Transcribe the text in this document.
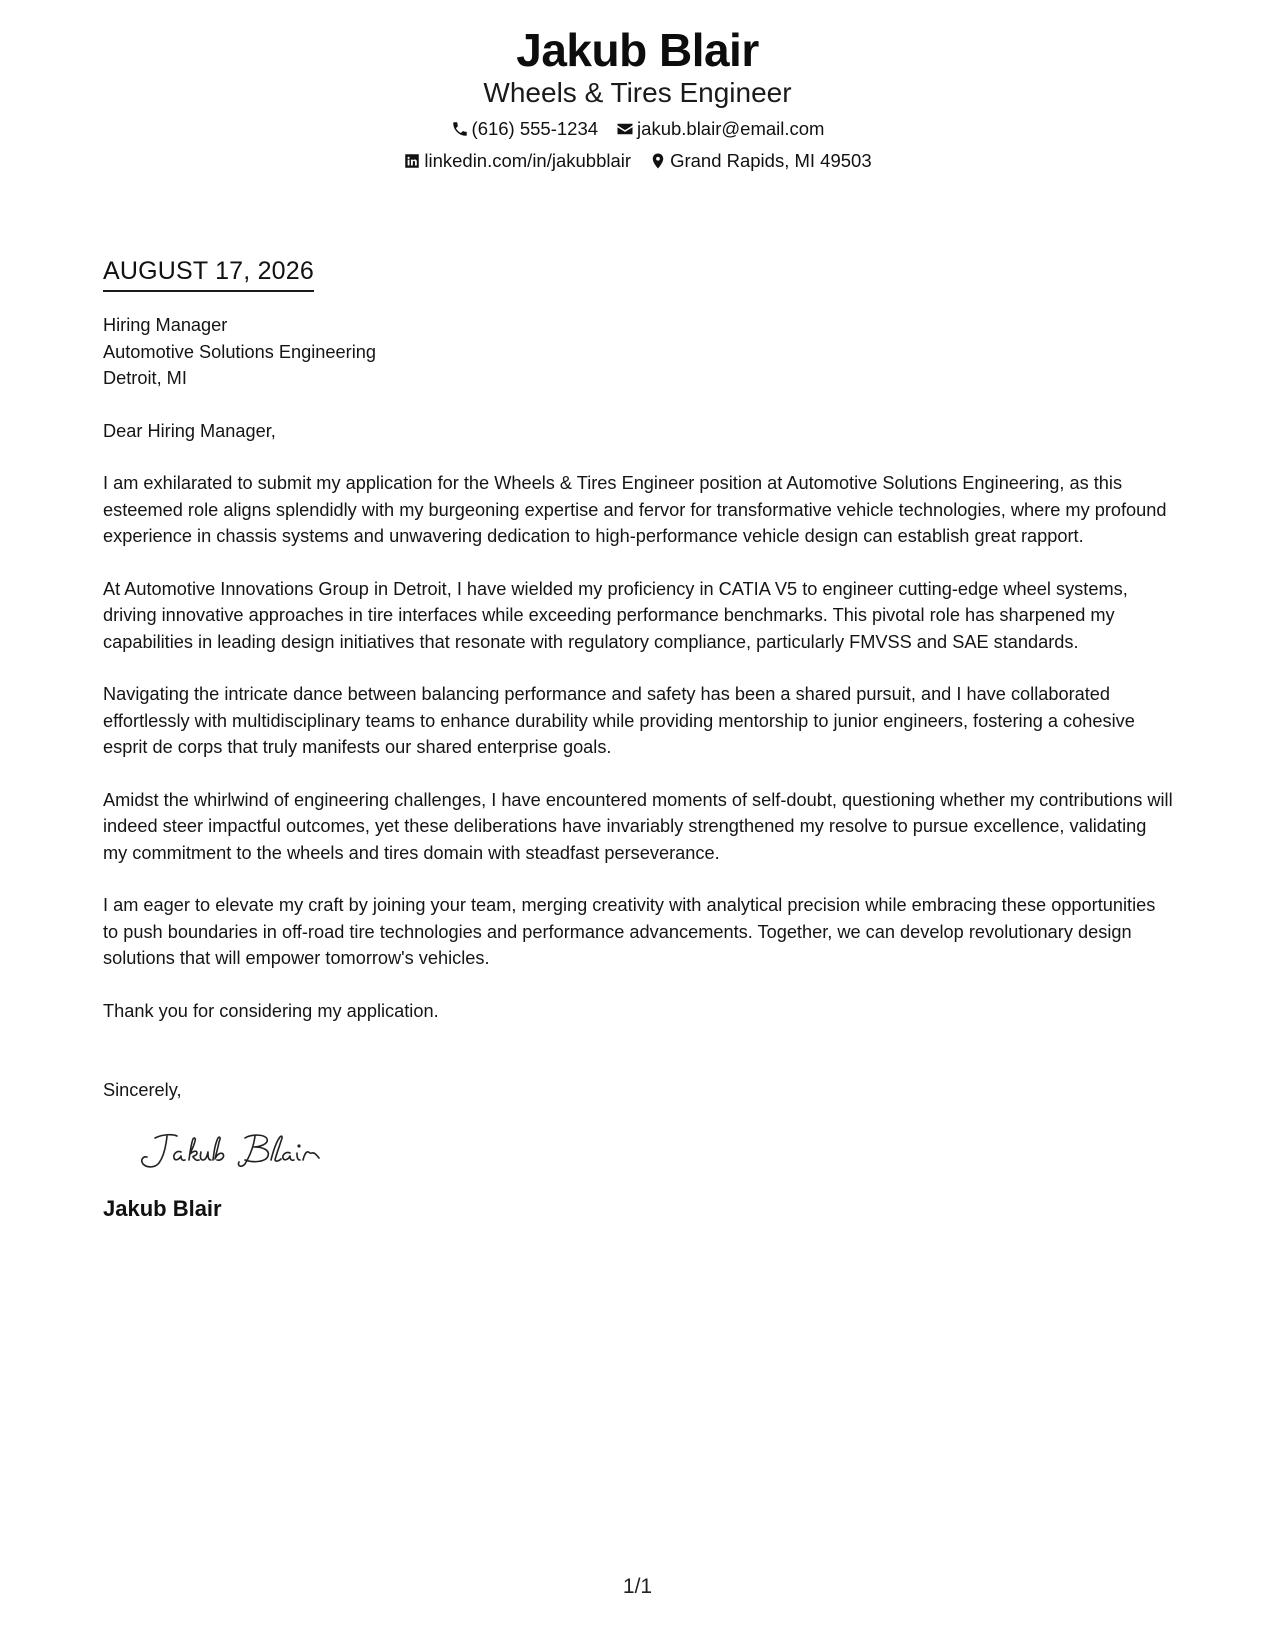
Jakub Blair
Wheels & Tires Engineer
(616) 555-1234 jakub.blair@email.com
linkedin.com/in/jakubblair Grand Rapids, MI 49503
AUGUST 17, 2026
Hiring Manager
Automotive Solutions Engineering
Detroit, MI
Dear Hiring Manager,

I am exhilarated to submit my application for the Wheels & Tires Engineer position at Automotive Solutions Engineering, as this esteemed role aligns splendidly with my burgeoning expertise and fervor for transformative vehicle technologies, where my profound experience in chassis systems and unwavering dedication to high-performance vehicle design can establish great rapport.

At Automotive Innovations Group in Detroit, I have wielded my proficiency in CATIA V5 to engineer cutting-edge wheel systems, driving innovative approaches in tire interfaces while exceeding performance benchmarks. This pivotal role has sharpened my capabilities in leading design initiatives that resonate with regulatory compliance, particularly FMVSS and SAE standards.

Navigating the intricate dance between balancing performance and safety has been a shared pursuit, and I have collaborated effortlessly with multidisciplinary teams to enhance durability while providing mentorship to junior engineers, fostering a cohesive esprit de corps that truly manifests our shared enterprise goals.

Amidst the whirlwind of engineering challenges, I have encountered moments of self-doubt, questioning whether my contributions will indeed steer impactful outcomes, yet these deliberations have invariably strengthened my resolve to pursue excellence, validating my commitment to the wheels and tires domain with steadfast perseverance.

I am eager to elevate my craft by joining your team, merging creativity with analytical precision while embracing these opportunities to push boundaries in off-road tire technologies and performance advancements. Together, we can develop revolutionary design solutions that will empower tomorrow's vehicles.

Thank you for considering my application.
Sincerely,
Jakub Blair
1/1
